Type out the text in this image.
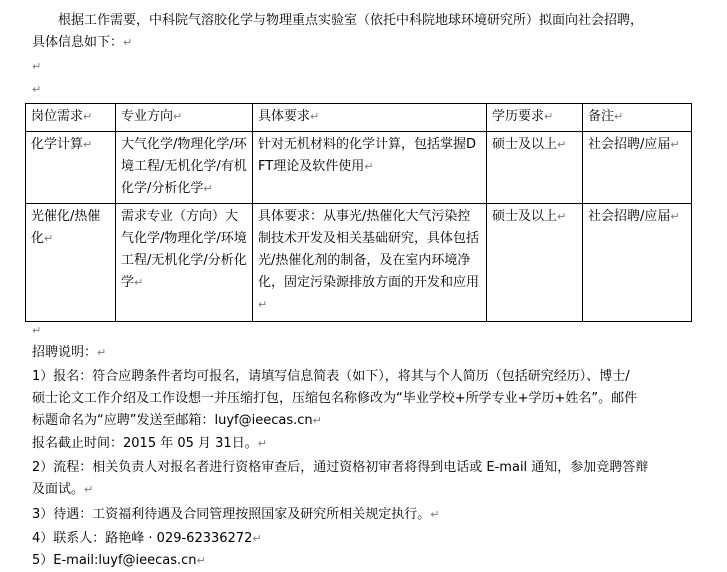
根据工作需要，中科院气溶胶化学与物理重点实验室（依托中科院地球环境研究所）拟面向社会招聘，
具体信息如下：↵
↵
↵
岗位需求↵	专业方向↵	具体要求↵	学历要求↵	备注↵
化学计算↵	大气化学/物理化学/环境工程/无机化学/有机化学/分析化学↵	针对无机材料的化学计算，包括掌握DFT理论及软件使用↵	硕士及以上↵	社会招聘/应届↵
光催化/热催化↵	需求专业（方向）大气化学/物理化学/环境工程/无机化学/分析化学↵	具体要求：从事光/热催化大气污染控制技术开发及相关基础研究，具体包括光/热催化剂的制备，及在室内环境净化，固定污染源排放方面的开发和应用↵	硕士及以上↵	社会招聘/应届↵
↵
招聘说明：↵
1）报名：符合应聘条件者均可报名，请填写信息简表（如下），将其与个人简历（包括研究经历）、博士/
硕士论文工作介绍及工作设想一并压缩打包，压缩包名称修改为“毕业学校+所学专业+学历+姓名”。邮件
标题命名为“应聘”发送至邮箱：luyf@ieecas.cn↵
报名截止时间：2015 年 05 月 31日。↵
2）流程：相关负责人对报名者进行资格审查后，通过资格初审者将得到电话或 E-mail 通知，参加竞聘答辩
及面试。↵
3）待遇：工资福利待遇及合同管理按照国家及研究所相关规定执行。↵
4）联系人：路艳峰 · 029-62336272↵
5）E-mail:luyf@ieecas.cn↵
